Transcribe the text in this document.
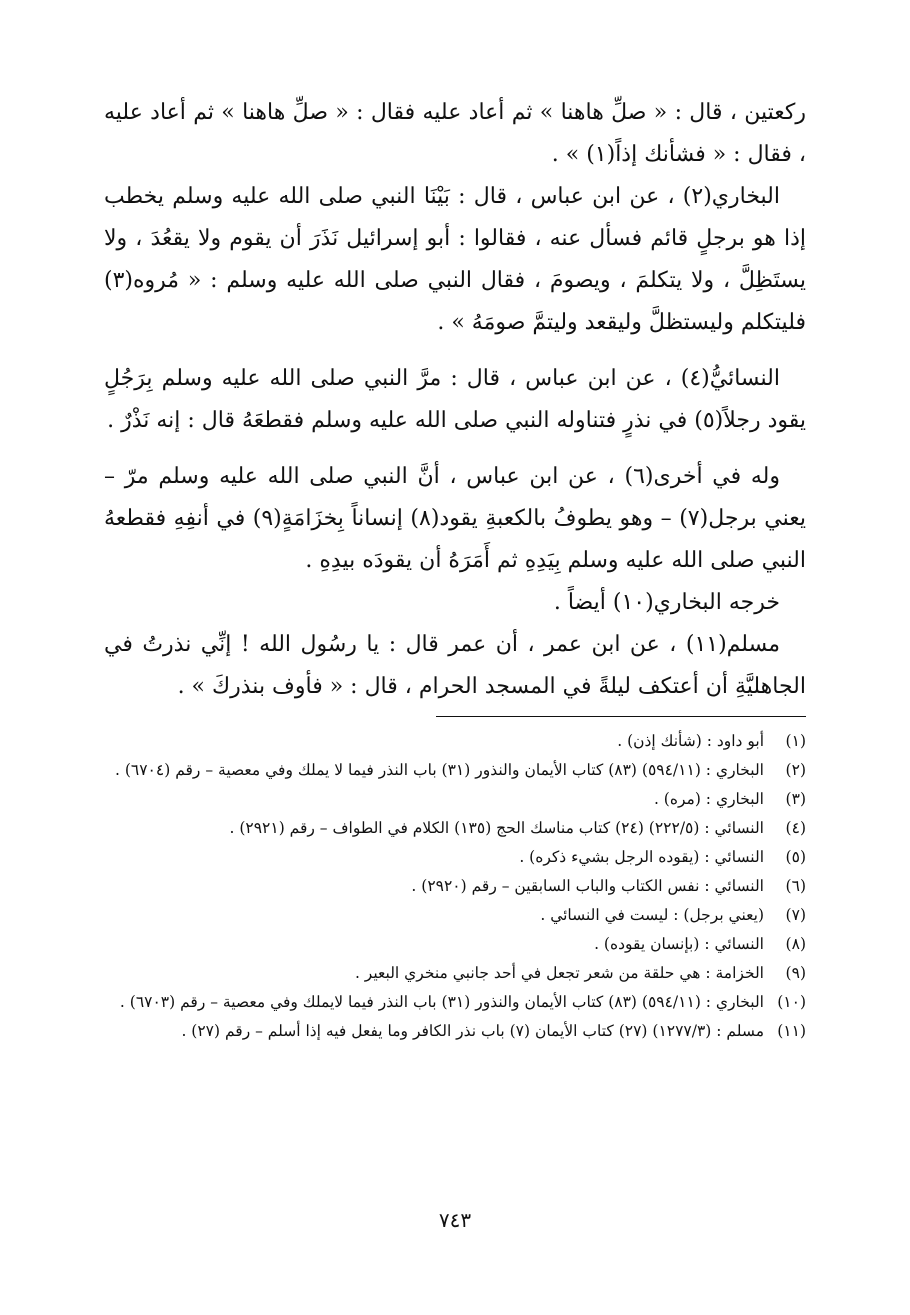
ركعتين ، قال : « صلِّ هاهنا » ثم أعاد عليه فقال : « صلِّ هاهنا » ثم أعاد عليه ، فقال : « فشأنك إذاً(١) » .

البخاري(٢) ، عن ابن عباس ، قال : بَيْنَا النبي صلى الله عليه وسلم يخطب إذا هو برجلٍ قائم فسأل عنه ، فقالوا : أبو إسرائيل نَذَرَ أن يقوم ولا يقعُدَ ، ولا يستَظِلَّ ، ولا يتكلمَ ، ويصومَ ، فقال النبي صلى الله عليه وسلم : « مُروه(٣) فليتكلم وليستظلَّ وليقعد وليتمَّ صومَهُ » .

النسائيُّ(٤) ، عن ابن عباس ، قال : مرَّ النبي صلى الله عليه وسلم بِرَجُلٍ يقود رجلاً(٥) في نذرٍ فتناوله النبي صلى الله عليه وسلم فقطعَهُ قال : إنه نَذْرٌ .

وله في أخرى(٦) ، عن ابن عباس ، أنَّ النبي صلى الله عليه وسلم مرّ – يعني برجل(٧) – وهو يطوفُ بالكعبةِ يقود(٨) إنساناً بِخزَامَةٍ(٩) في أنفِهِ فقطعهُ النبي صلى الله عليه وسلم بِيَدِهِ ثم أَمَرَهُ أن يقودَه بيدِهِ .

خرجه البخاري(١٠) أيضاً .

مسلم(١١) ، عن ابن عمر ، أن عمر قال : يا رسُول الله ! إنِّي نذرتُ في الجاهليَّةِ أن أعتكف ليلةً في المسجد الحرام ، قال : « فأوف بنذركَ » .

(١)
أبو داود : (شأنك إذن) .
(٢)
البخاري : (٥٩٤/١١) (٨٣) كتاب الأيمان والنذور (٣١) باب النذر فيما لا يملك وفي معصية – رقم (٦٧٠٤) .
(٣)
البخاري : (مره) .
(٤)
النسائي : (٢٢٢/٥) (٢٤) كتاب مناسك الحج (١٣٥) الكلام في الطواف – رقم (٢٩٢١) .
(٥)
النسائي : (يقوده الرجل بشيء ذكره) .
(٦)
النسائي : نفس الكتاب والباب السابقين – رقم (٢٩٢٠) .
(٧)
(يعني برجل) : ليست في النسائي .
(٨)
النسائي : (بإنسان يقوده) .
(٩)
الخزامة : هي حلقة من شعر تجعل في أحد جانبي منخري البعير .
(١٠)
البخاري : (٥٩٤/١١) (٨٣) كتاب الأيمان والنذور (٣١) باب النذر فيما لايملك وفي معصية – رقم (٦٧٠٣) .
(١١)
مسلم : (١٢٧٧/٣) (٢٧) كتاب الأيمان (٧) باب نذر الكافر وما يفعل فيه إذا أسلم – رقم (٢٧) .
٧٤٣
